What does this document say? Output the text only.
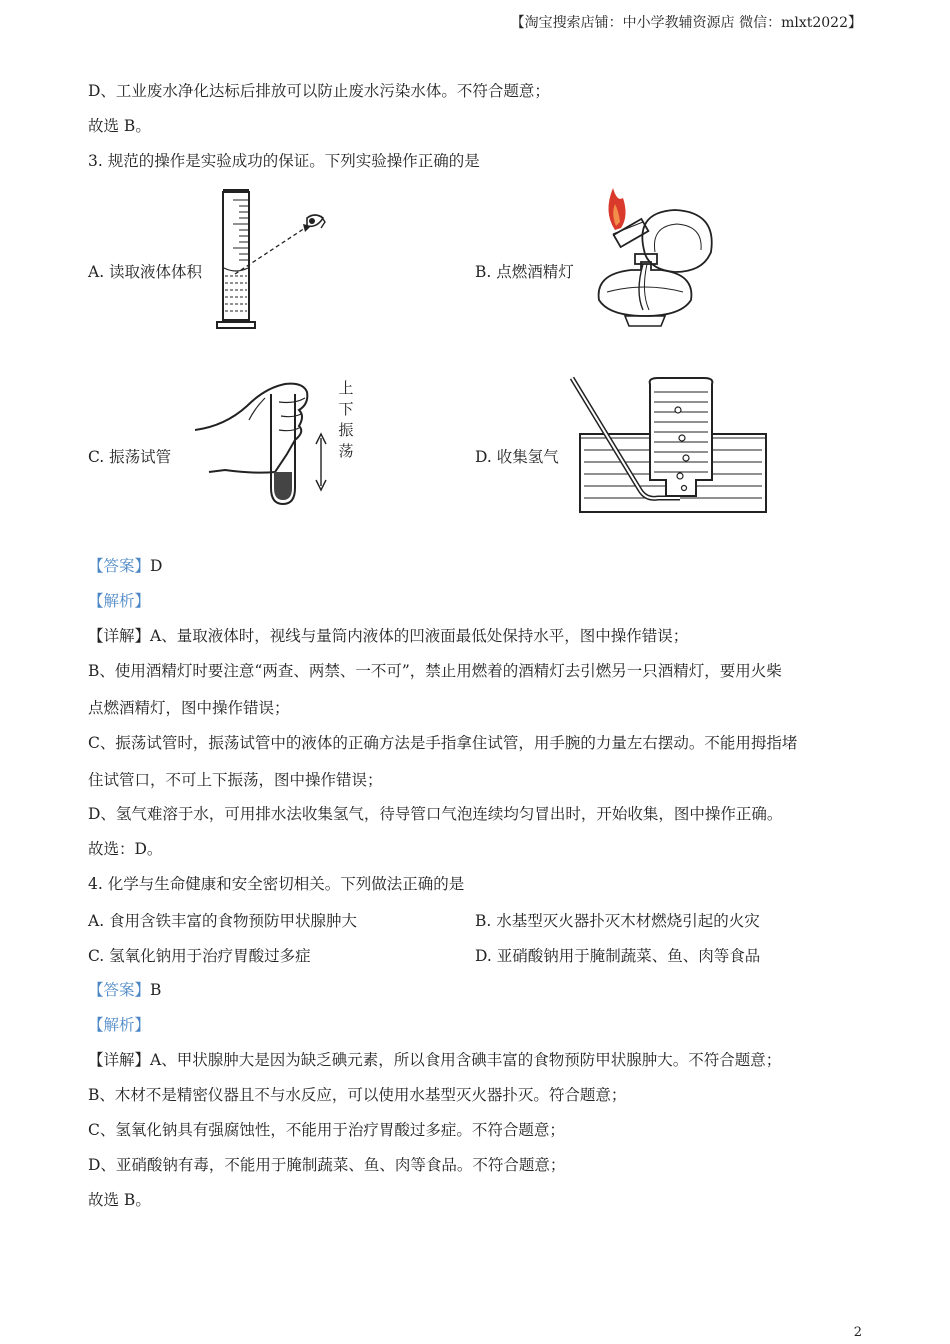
【淘宝搜索店铺：中小学教辅资源店 微信：mlxt2022】
D、工业废水净化达标后排放可以防止废水污染水体。不符合题意；
故选 B。
3. 规范的操作是实验成功的保证。下列实验操作正确的是
A. 读取液体体积	B. 点燃酒精灯
C. 振荡试管	D. 收集氢气
上
下
振
荡
【答案】D
【解析】
【详解】A、量取液体时，视线与量筒内液体的凹液面最低处保持水平，图中操作错误；
B、使用酒精灯时要注意“两查、两禁、一不可”，禁止用燃着的酒精灯去引燃另一只酒精灯，要用火柴
点燃酒精灯，图中操作错误；
C、振荡试管时，振荡试管中的液体的正确方法是手指拿住试管，用手腕的力量左右摆动。不能用拇指堵
住试管口，不可上下振荡，图中操作错误；
D、氢气难溶于水，可用排水法收集氢气，待导管口气泡连续均匀冒出时，开始收集，图中操作正确。
故选：D。
4. 化学与生命健康和安全密切相关。下列做法正确的是
A. 食用含铁丰富的食物预防甲状腺肿大	B. 水基型灭火器扑灭木材燃烧引起的火灾
C. 氢氧化钠用于治疗胃酸过多症	D. 亚硝酸钠用于腌制蔬菜、鱼、肉等食品
【答案】B
【解析】
【详解】A、甲状腺肿大是因为缺乏碘元素，所以食用含碘丰富的食物预防甲状腺肿大。不符合题意；
B、木材不是精密仪器且不与水反应，可以使用水基型灭火器扑灭。符合题意；
C、氢氧化钠具有强腐蚀性，不能用于治疗胃酸过多症。不符合题意；
D、亚硝酸钠有毒，不能用于腌制蔬菜、鱼、肉等食品。不符合题意；
故选 B。
2
